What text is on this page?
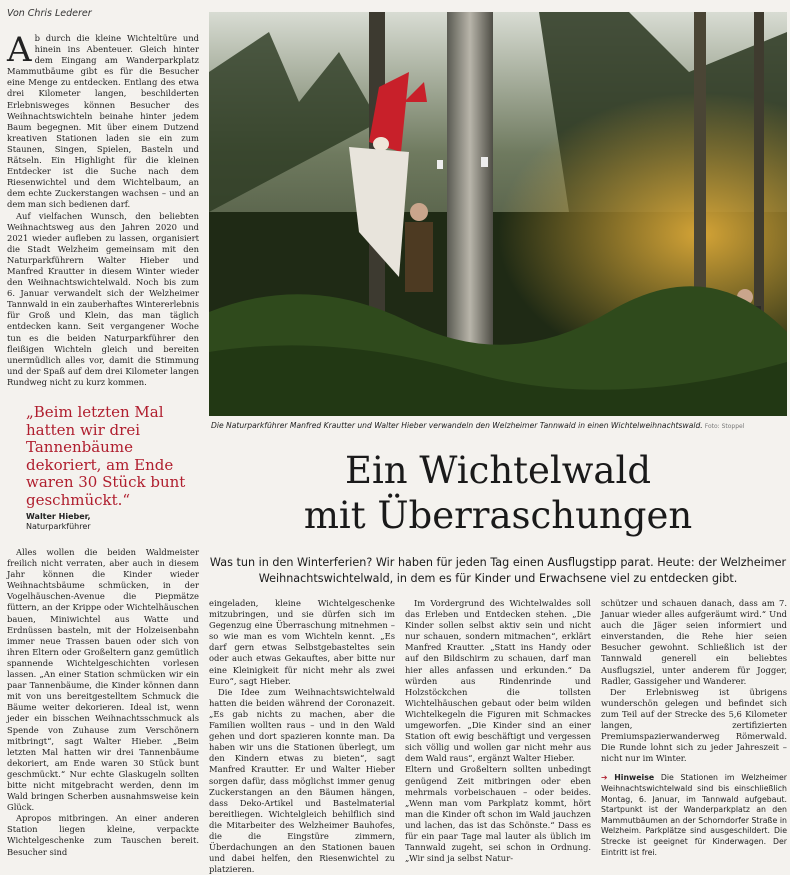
Von Chris Lederer

Ab durch die kleine Wichteltüre und hinein ins Abenteuer. Gleich hinter dem Eingang am Wanderparkplatz Mammutbäume gibt es für die Besucher eine Menge zu entdecken. Entlang des etwa drei Kilometer langen, beschilderten Erlebnisweges können Besucher des Weihnachtswichteln beinahe hinter jedem Baum begegnen. Mit über einem Dutzend kreativen Stationen laden sie ein zum Staunen, Singen, Spielen, Basteln und Rätseln. Ein Highlight für die kleinen Entdecker ist die Suche nach dem Riesenwichtel und dem Wichtelbaum, an dem echte Zuckerstangen wachsen – und an dem man sich bedienen darf.

Auf vielfachen Wunsch, den beliebten Weihnachtsweg aus den Jahren 2020 und 2021 wieder aufleben zu lassen, organisiert die Stadt Welzheim gemeinsam mit den Naturparkführern Walter Hieber und Manfred Krautter in diesem Winter wieder den Weihnachtswichtelwald. Noch bis zum 6. Januar verwandelt sich der Welzheimer Tannwald in ein zauberhaftes Wintererlebnis für Groß und Klein, das man täglich entdecken kann. Seit vergangener Woche tun es die beiden Naturparkführer den fleißigen Wichteln gleich und bereiten unermüdlich alles vor, damit die Stimmung und der Spaß auf dem drei Kilometer langen Rundweg nicht zu kurz kommen.

„Beim letzten Mal hatten wir drei Tannenbäume dekoriert, am Ende waren 30 Stück bunt geschmückt.“
Walter Hieber,
Naturparkführer
Die Naturparkführer Manfred Krautter und Walter Hieber verwandeln den Welzheimer Tannwald in einen Wichtelweihnachtswald. Foto: Stoppel
Ein Wichtelwald
mit Überraschungen
Was tun in den Winterferien? Wir haben für jeden Tag einen Ausflugstipp parat. Heute: der Welzheimer Weihnachtswichtelwald, in dem es für Kinder und Erwachsene viel zu entdecken gibt.

Alles wollen die beiden Waldmeister freilich nicht verraten, aber auch in diesem Jahr können die Kinder wieder Weihnachtsbäume schmücken, in der Vogelhäuschen-Avenue die Piepmätze füttern, an der Krippe oder Wichtelhäuschen bauen, Miniwichtel aus Watte und Erdnüssen basteln, mit der Holzeisenbahn immer neue Trassen bauen oder sich von ihren Eltern oder Großeltern ganz gemütlich spannende Wichtelgeschichten vorlesen lassen. „An einer Station schmücken wir ein paar Tannenbäume, die Kinder können dann mit von uns bereitgestelltem Schmuck die Bäume weiter dekorieren. Ideal ist, wenn jeder ein bisschen Weihnachtsschmuck als Spende von Zuhause zum Verschönern mitbringt“, sagt Walter Hieber. „Beim letzten Mal hatten wir drei Tannenbäume dekoriert, am Ende waren 30 Stück bunt geschmückt.“ Nur echte Glaskugeln sollten bitte nicht mitgebracht werden, denn im Wald bringen Scherben ausnahmsweise kein Glück.

Apropos mitbringen. An einer anderen Station liegen kleine, verpackte Wichtelgeschenke zum Tauschen bereit. Besucher sind

eingeladen, kleine Wichtelgeschenke mitzubringen, und sie dürfen sich im Gegenzug eine Überraschung mitnehmen – so wie man es vom Wichteln kennt. „Es darf gern etwas Selbstgebasteltes sein oder auch etwas Gekauftes, aber bitte nur eine Kleinigkeit für nicht mehr als zwei Euro“, sagt Hieber.

Die Idee zum Weihnachtswichtelwald hatten die beiden während der Coronazeit. „Es gab nichts zu machen, aber die Familien wollten raus – und in den Wald gehen und dort spazieren konnte man. Da haben wir uns die Stationen überlegt, um den Kindern etwas zu bieten“, sagt Manfred Krautter. Er und Walter Hieber sorgen dafür, dass möglichst immer genug Zuckerstangen an den Bäumen hängen, dass Deko-Artikel und Bastelmaterial bereitliegen. Wichtelgleich behilflich sind die Mitarbeiter des Welzheimer Bauhofes, die die Eingstüre zimmern, Überdachungen an den Stationen bauen und dabei helfen, den Riesenwichtel zu platzieren.

Im Vordergrund des Wichtelwaldes soll das Erleben und Entdecken stehen. „Die Kinder sollen selbst aktiv sein und nicht nur schauen, sondern mitmachen“, erklärt Manfred Krautter. „Statt ins Handy oder auf den Bildschirm zu schauen, darf man hier alles anfassen und erkunden.“ Da würden aus Rindenrinde und Holzstöckchen die tollsten Wichtelhäuschen gebaut oder beim wilden Wichtelkegeln die Figuren mit Schmackes umgeworfen. „Die Kinder sind an einer Station oft ewig beschäftigt und vergessen sich völlig und wollen gar nicht mehr aus dem Wald raus“, ergänzt Walter Hieber.

Eltern und Großeltern sollten unbedingt genügend Zeit mitbringen oder eben mehrmals vorbeischauen – oder beides. „Wenn man vom Parkplatz kommt, hört man die Kinder oft schon im Wald jauchzen und lachen, das ist das Schönste.“ Dass es für ein paar Tage mal lauter als üblich im Tannwald zugeht, sei schon in Ordnung. „Wir sind ja selbst Natur-

schützer und schauen danach, dass am 7. Januar wieder alles aufgeräumt wird.“ Und auch die Jäger seien informiert und einverstanden, die Rehe hier seien Besucher gewohnt. Schließlich ist der Tannwald generell ein beliebtes Ausflugsziel, unter anderem für Jogger, Radler, Gassigeher und Wanderer.

Der Erlebnisweg ist übrigens wunderschön gelegen und befindet sich zum Teil auf der Strecke des 5,6 Kilometer langen, zertifizierten Premiumspazierwanderweg Römerwald. Die Runde lohnt sich zu jeder Jahreszeit – nicht nur im Winter.

➔ Hinweise Die Stationen im Welzheimer Weihnachtswichtelwald sind bis einschließlich Montag, 6. Januar, im Tannwald aufgebaut. Startpunkt ist der Wanderparkplatz an den Mammutbäumen an der Schorndorfer Straße in Welzheim. Parkplätze sind ausgeschildert. Die Strecke ist geeignet für Kinderwagen. Der Eintritt ist frei.
